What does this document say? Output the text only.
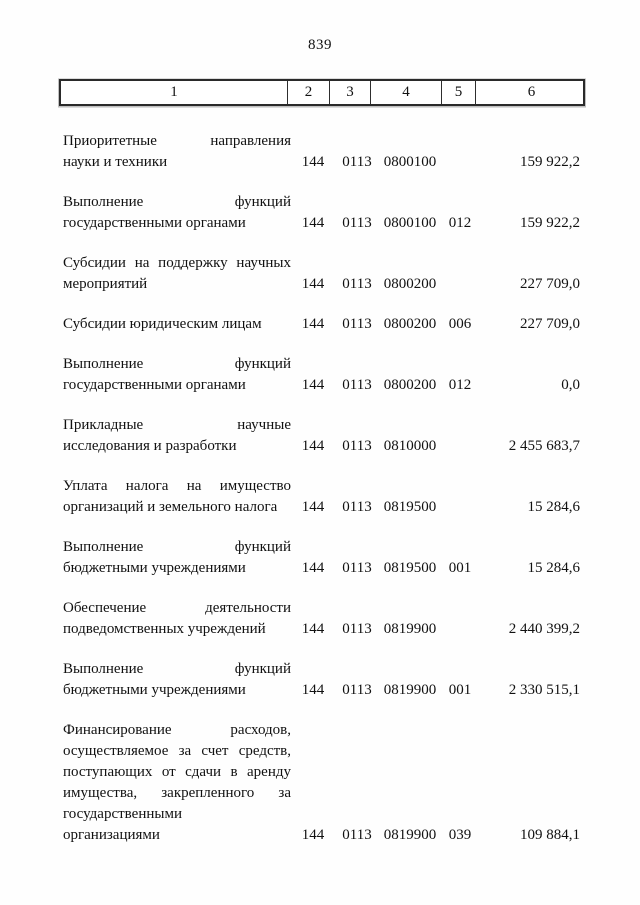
839
1	2	3	4	5	6
Приоритетные направления
науки и техники	144	0113 0800100	159 922,2
Выполнение функций
государственными органами	144	0113 0800100 012	159 922,2
Субсидии на поддержку научных
мероприятий	144	0113 0800200	227 709,0
Субсидии юридическим лицам	144	0113 0800200 006	227 709,0
Выполнение функций
государственными органами	144	0113 0800200 012	0,0
Прикладные научные
исследования и разработки	144	0113 0810000	2 455 683,7
Уплата налога на имущество
организаций и земельного налога	144	0113 0819500	15 284,6
Выполнение функций
бюджетными учреждениями	144	0113 0819500 001	15 284,6
Обеспечение деятельности
подведомственных учреждений	144	0113 0819900	2 440 399,2
Выполнение функций
бюджетными учреждениями	144	0113 0819900 001	2 330 515,1
Финансирование расходов,
осуществляемое за счет средств,
поступающих от сдачи в аренду
имущества, закрепленного за
государственными
организациями	144	0113 0819900 039	109 884,1
